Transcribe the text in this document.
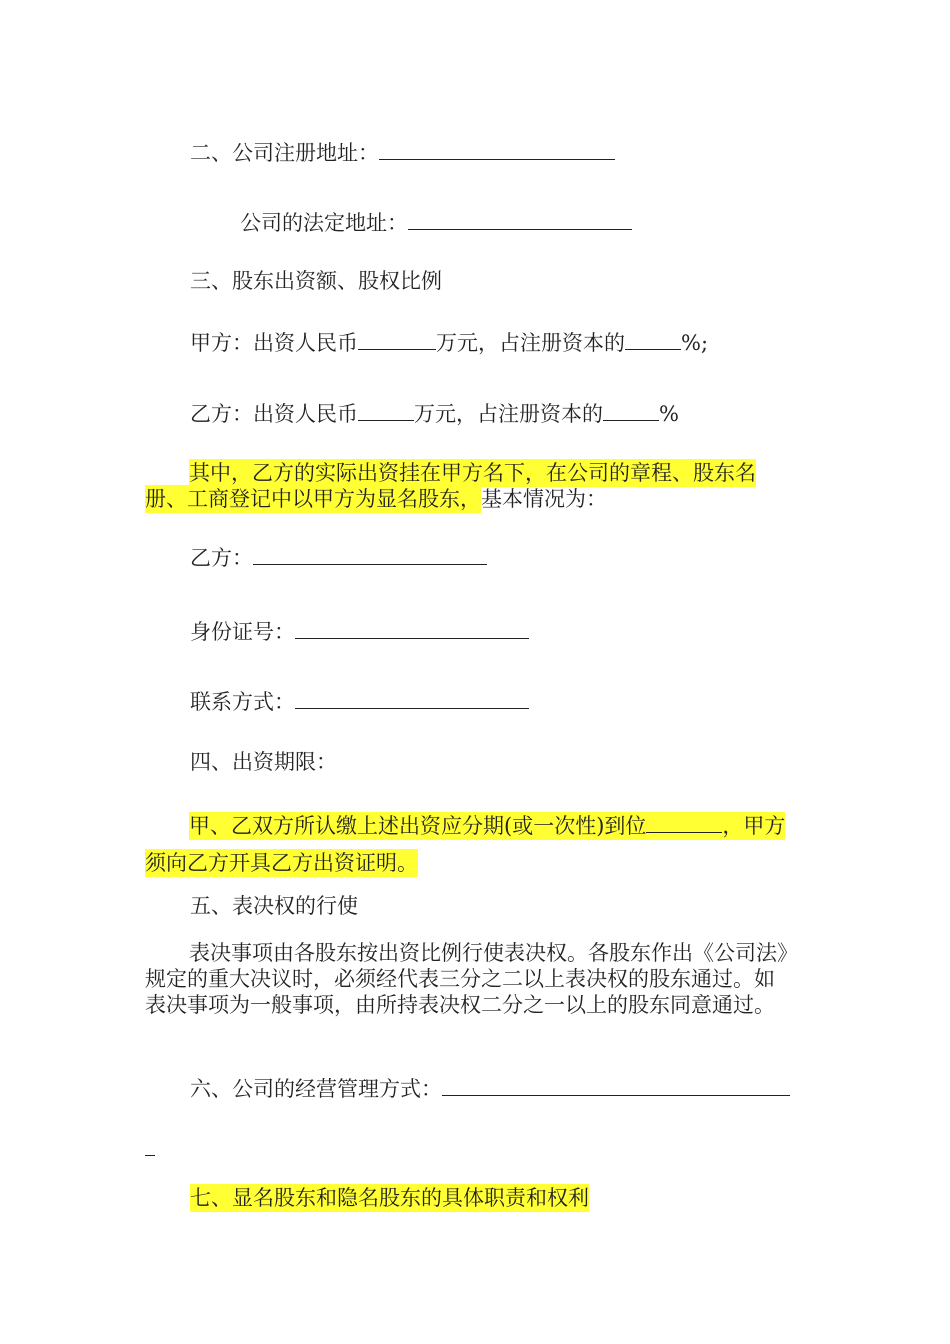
二、公司注册地址：
公司的法定地址：
三、股东出资额、股权比例
甲方：出资人民币	万元，占注册资本的	%;
乙方：出资人民币	万元，占注册资本的	%
其中，乙方的实际出资挂在甲方名下，在公司的章程、股东名册、工商登记中以甲方为显名股东，基本情况为：
乙方：
身份证号：
联系方式：
四、出资期限：
甲、乙双方所认缴上述出资应分期(或一次性)到位	，甲方须向乙方开具乙方出资证明。
五、表决权的行使
表决事项由各股东按出资比例行使表决权。各股东作出《公司法》规定的重大决议时，必须经代表三分之二以上表决权的股东通过。如表决事项为一般事项，由所持表决权二分之一以上的股东同意通过。
六、公司的经营管理方式：
七、显名股东和隐名股东的具体职责和权利
